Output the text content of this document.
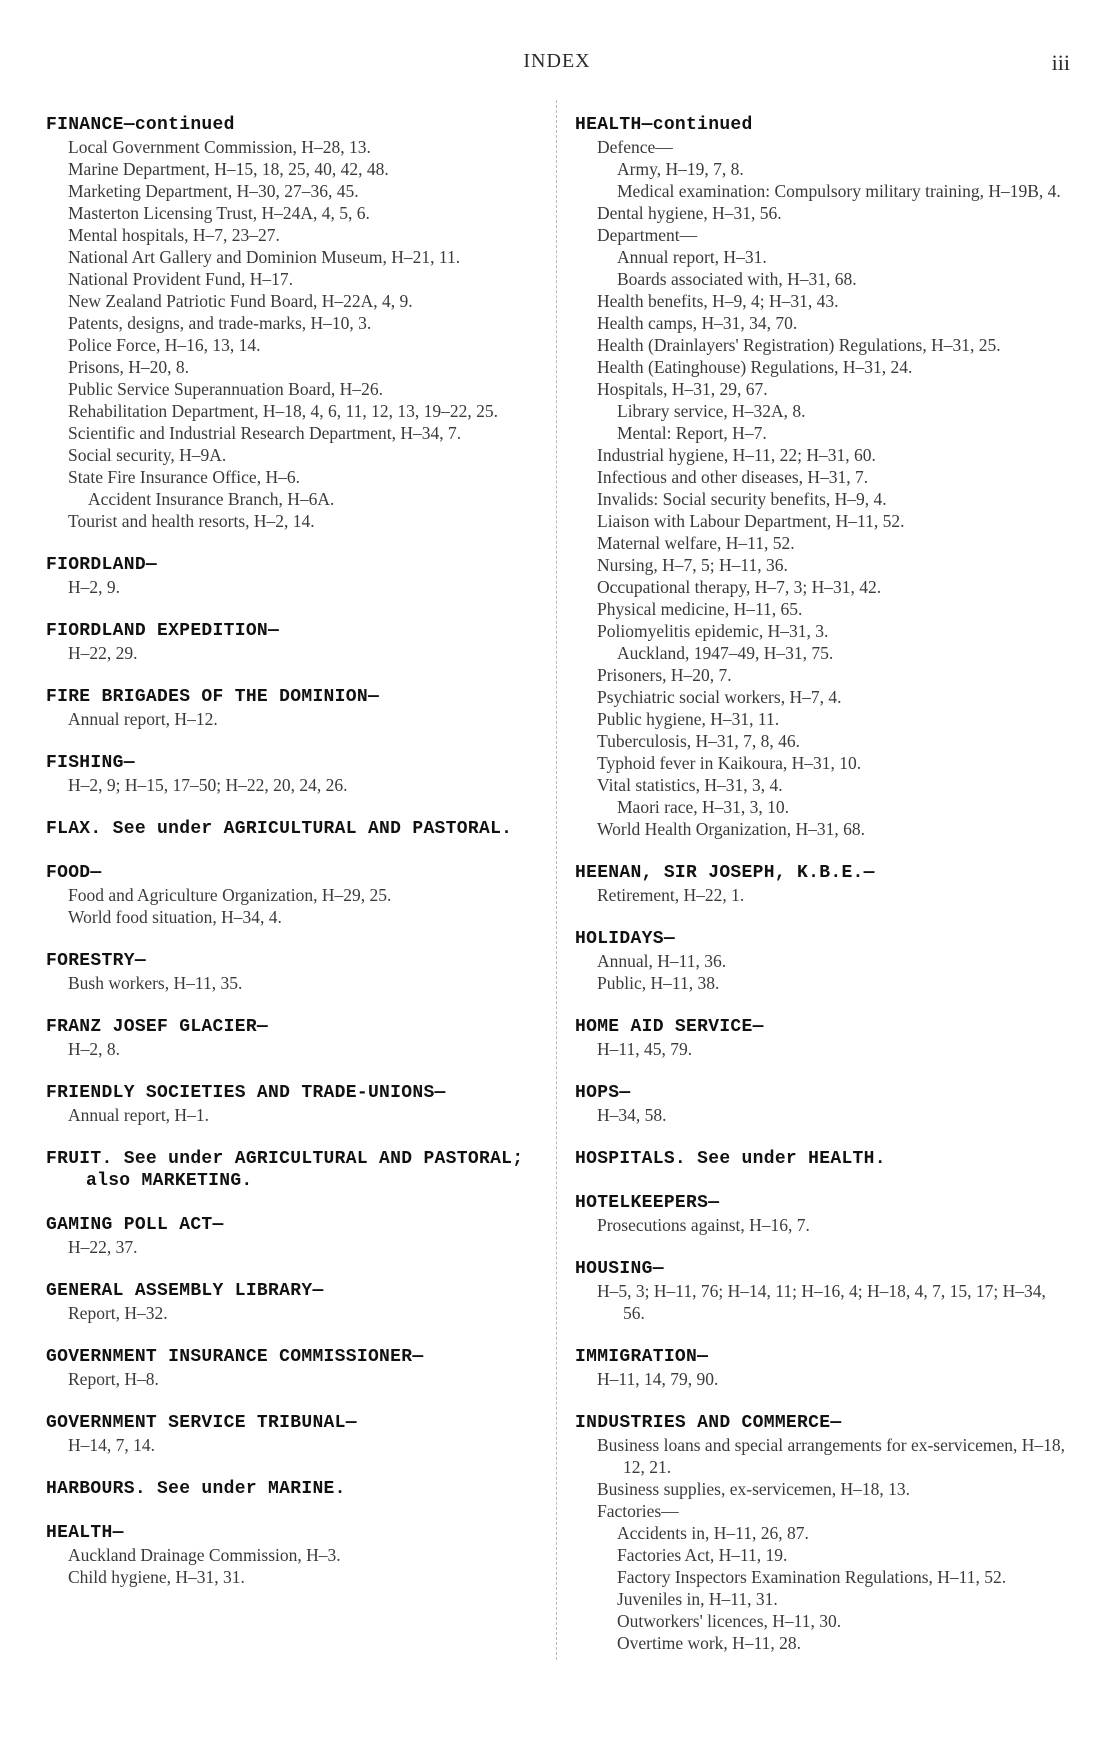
INDEX	iii
FINANCE—continued
Local Government Commission, H–28, 13.
Marine Department, H–15, 18, 25, 40, 42, 48.
Marketing Department, H–30, 27–36, 45.
Masterton Licensing Trust, H–24A, 4, 5, 6.
Mental hospitals, H–7, 23–27.
National Art Gallery and Dominion Museum, H–21, 11.
National Provident Fund, H–17.
New Zealand Patriotic Fund Board, H–22A, 4, 9.
Patents, designs, and trade-marks, H–10, 3.
Police Force, H–16, 13, 14.
Prisons, H–20, 8.
Public Service Superannuation Board, H–26.
Rehabilitation Department, H–18, 4, 6, 11, 12, 13, 19–22, 25.
Scientific and Industrial Research Department, H–34, 7.
Social security, H–9A.
State Fire Insurance Office, H–6.
Accident Insurance Branch, H–6A.
Tourist and health resorts, H–2, 14.
FIORDLAND—
H–2, 9.
FIORDLAND EXPEDITION—
H–22, 29.
FIRE BRIGADES OF THE DOMINION—
Annual report, H–12.
FISHING—
H–2, 9; H–15, 17–50; H–22, 20, 24, 26.
FLAX. See under AGRICULTURAL AND PASTORAL.
FOOD—
Food and Agriculture Organization, H–29, 25.
World food situation, H–34, 4.
FORESTRY—
Bush workers, H–11, 35.
FRANZ JOSEF GLACIER—
H–2, 8.
FRIENDLY SOCIETIES AND TRADE-UNIONS—
Annual report, H–1.
FRUIT. See under AGRICULTURAL AND PASTORAL; also MARKETING.
GAMING POLL ACT—
H–22, 37.
GENERAL ASSEMBLY LIBRARY—
Report, H–32.
GOVERNMENT INSURANCE COMMISSIONER—
Report, H–8.
GOVERNMENT SERVICE TRIBUNAL—
H–14, 7, 14.
HARBOURS. See under MARINE.
HEALTH—
Auckland Drainage Commission, H–3.
Child hygiene, H–31, 31.
HEALTH—continued
Defence—
Army, H–19, 7, 8.
Medical examination: Compulsory military training, H–19B, 4.
Dental hygiene, H–31, 56.
Department—
Annual report, H–31.
Boards associated with, H–31, 68.
Health benefits, H–9, 4; H–31, 43.
Health camps, H–31, 34, 70.
Health (Drainlayers' Registration) Regulations, H–31, 25.
Health (Eatinghouse) Regulations, H–31, 24.
Hospitals, H–31, 29, 67.
Library service, H–32A, 8.
Mental: Report, H–7.
Industrial hygiene, H–11, 22; H–31, 60.
Infectious and other diseases, H–31, 7.
Invalids: Social security benefits, H–9, 4.
Liaison with Labour Department, H–11, 52.
Maternal welfare, H–11, 52.
Nursing, H–7, 5; H–11, 36.
Occupational therapy, H–7, 3; H–31, 42.
Physical medicine, H–11, 65.
Poliomyelitis epidemic, H–31, 3.
Auckland, 1947–49, H–31, 75.
Prisoners, H–20, 7.
Psychiatric social workers, H–7, 4.
Public hygiene, H–31, 11.
Tuberculosis, H–31, 7, 8, 46.
Typhoid fever in Kaikoura, H–31, 10.
Vital statistics, H–31, 3, 4.
Maori race, H–31, 3, 10.
World Health Organization, H–31, 68.
HEENAN, SIR JOSEPH, K.B.E.—
Retirement, H–22, 1.
HOLIDAYS—
Annual, H–11, 36.
Public, H–11, 38.
HOME AID SERVICE—
H–11, 45, 79.
HOPS—
H–34, 58.
HOSPITALS. See under HEALTH.
HOTELKEEPERS—
Prosecutions against, H–16, 7.
HOUSING—
H–5, 3; H–11, 76; H–14, 11; H–16, 4; H–18, 4, 7, 15, 17; H–34, 56.
IMMIGRATION—
H–11, 14, 79, 90.
INDUSTRIES AND COMMERCE—
Business loans and special arrangements for ex-servicemen, H–18, 12, 21.
Business supplies, ex-servicemen, H–18, 13.
Factories—
Accidents in, H–11, 26, 87.
Factories Act, H–11, 19.
Factory Inspectors Examination Regulations, H–11, 52.
Juveniles in, H–11, 31.
Outworkers' licences, H–11, 30.
Overtime work, H–11, 28.
